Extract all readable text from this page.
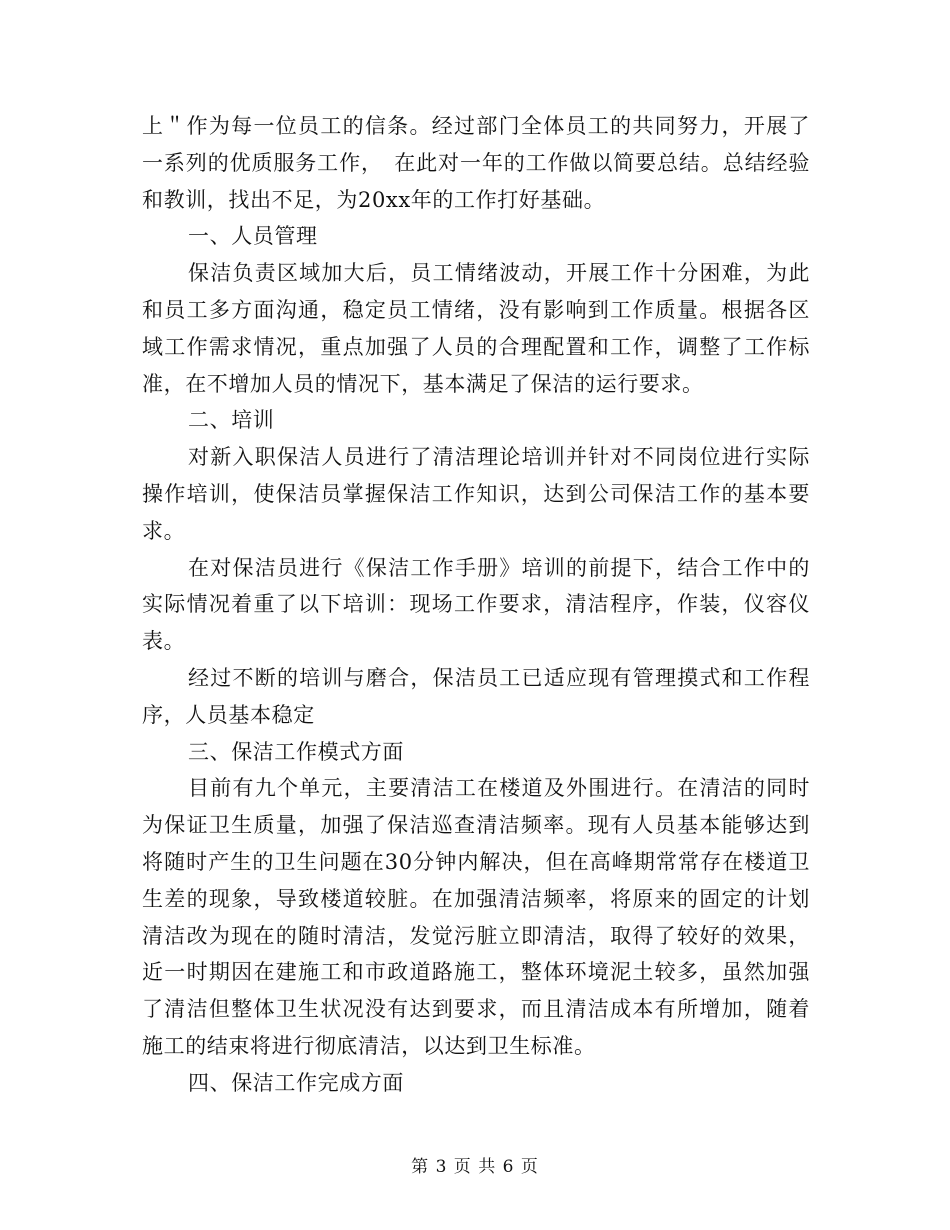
上＂作为每一位员工的信条。经过部门全体员工的共同努力，开展了一系列的优质服务工作，　在此对一年的工作做以简要总结。总结经验和教训，找出不足，为20xx年的工作打好基础。

一、人员管理

保洁负责区域加大后，员工情绪波动，开展工作十分困难，为此和员工多方面沟通，稳定员工情绪，没有影响到工作质量。根据各区域工作需求情况，重点加强了人员的合理配置和工作，调整了工作标准，在不增加人员的情况下，基本满足了保洁的运行要求。

二、培训

对新入职保洁人员进行了清洁理论培训并针对不同岗位进行实际操作培训，使保洁员掌握保洁工作知识，达到公司保洁工作的基本要求。

在对保洁员进行《保洁工作手册》培训的前提下，结合工作中的实际情况着重了以下培训：现场工作要求，清洁程序，作装，仪容仪表。

经过不断的培训与磨合，保洁员工已适应现有管理摸式和工作程序，人员基本稳定

三、保洁工作模式方面

目前有九个单元，主要清洁工在楼道及外围进行。在清洁的同时为保证卫生质量，加强了保洁巡查清洁频率。现有人员基本能够达到将随时产生的卫生问题在30分钟内解决，但在高峰期常常存在楼道卫生差的现象，导致楼道较脏。在加强清洁频率，将原来的固定的计划清洁改为现在的随时清洁，发觉污脏立即清洁，取得了较好的效果，近一时期因在建施工和市政道路施工，整体环境泥土较多，虽然加强了清洁但整体卫生状况没有达到要求，而且清洁成本有所增加，随着施工的结束将进行彻底清洁，以达到卫生标准。

四、保洁工作完成方面

第 3 页 共 6 页
